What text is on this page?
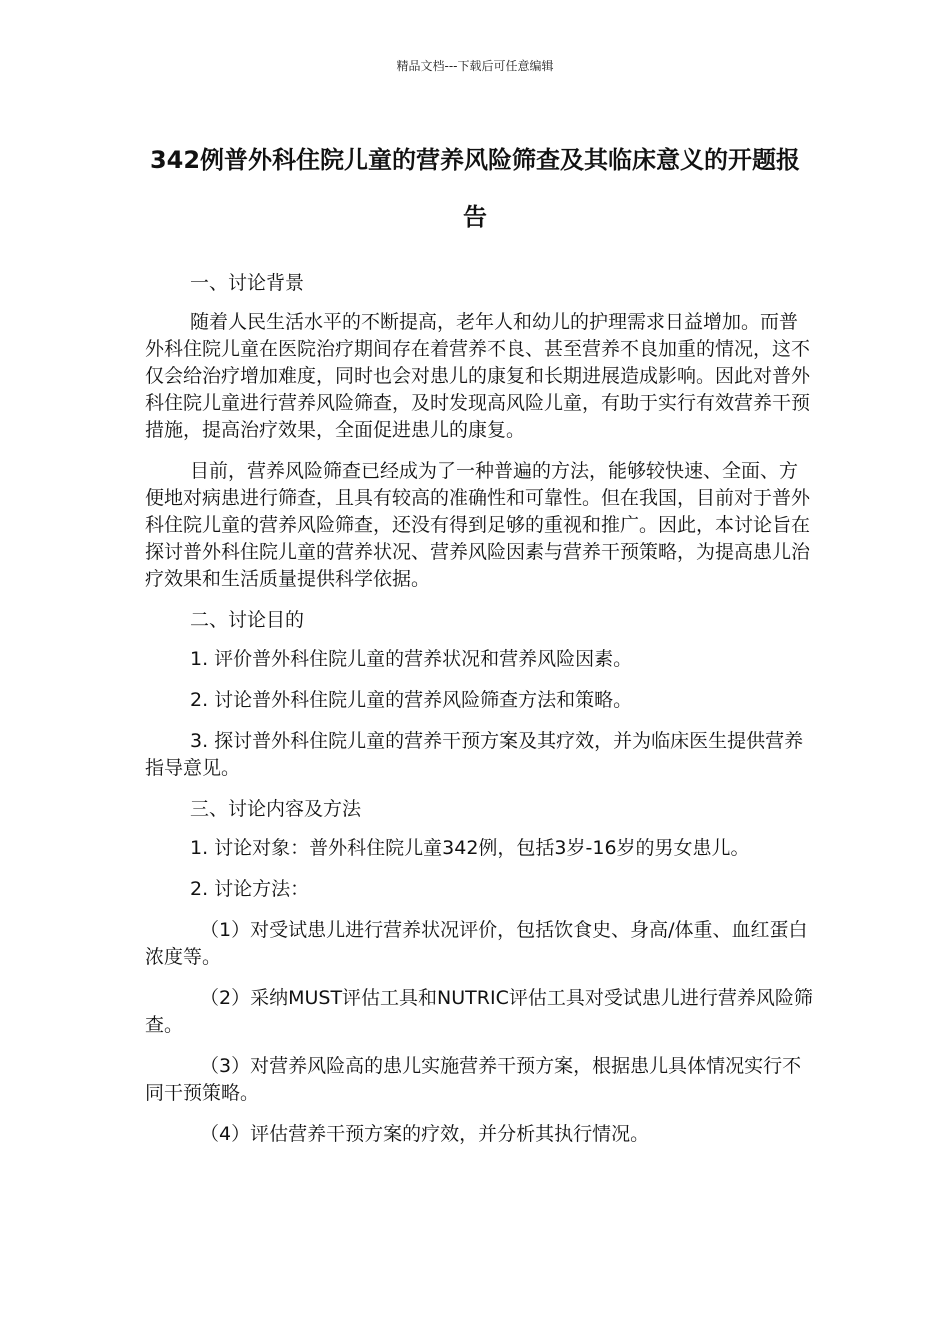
精品文档---下载后可任意编辑
342例普外科住院儿童的营养风险筛查及其临床意义的开题报告

一、讨论背景

随着人民生活水平的不断提高，老年人和幼儿的护理需求日益增加。而普外科住院儿童在医院治疗期间存在着营养不良、甚至营养不良加重的情况，这不仅会给治疗增加难度，同时也会对患儿的康复和长期进展造成影响。因此对普外科住院儿童进行营养风险筛查，及时发现高风险儿童，有助于实行有效营养干预措施，提高治疗效果，全面促进患儿的康复。

目前，营养风险筛查已经成为了一种普遍的方法，能够较快速、全面、方便地对病患进行筛查，且具有较高的准确性和可靠性。但在我国，目前对于普外科住院儿童的营养风险筛查，还没有得到足够的重视和推广。因此，本讨论旨在探讨普外科住院儿童的营养状况、营养风险因素与营养干预策略，为提高患儿治疗效果和生活质量提供科学依据。

二、讨论目的

1. 评价普外科住院儿童的营养状况和营养风险因素。

2. 讨论普外科住院儿童的营养风险筛查方法和策略。

3. 探讨普外科住院儿童的营养干预方案及其疗效，并为临床医生提供营养指导意见。

三、讨论内容及方法

1. 讨论对象：普外科住院儿童342例，包括3岁-16岁的男女患儿。

2. 讨论方法：

（1）对受试患儿进行营养状况评价，包括饮食史、身高/体重、血红蛋白浓度等。

（2）采纳MUST评估工具和NUTRIC评估工具对受试患儿进行营养风险筛查。

（3）对营养风险高的患儿实施营养干预方案，根据患儿具体情况实行不同干预策略。

（4）评估营养干预方案的疗效，并分析其执行情况。
